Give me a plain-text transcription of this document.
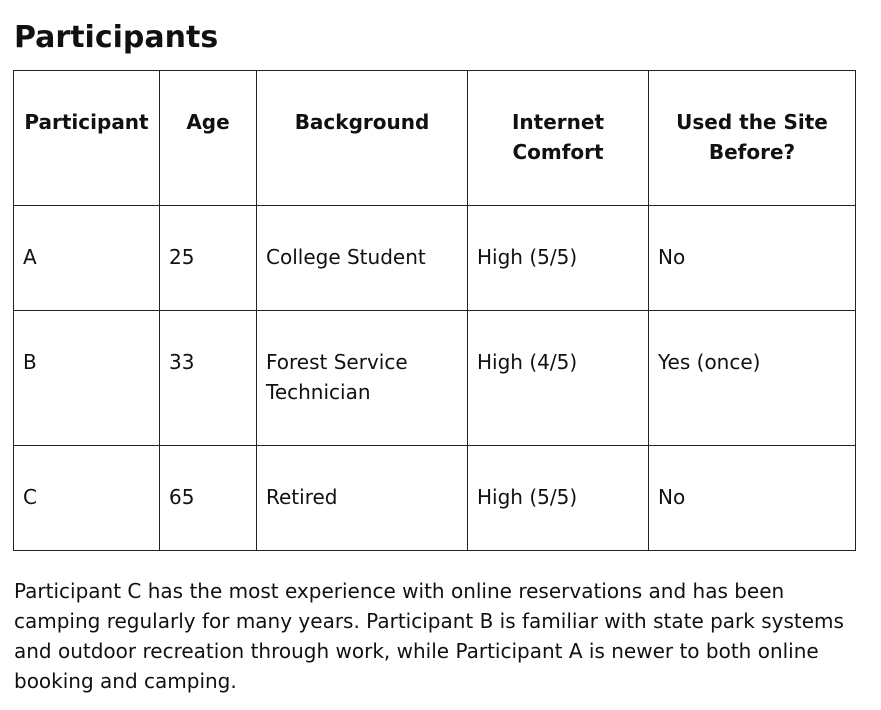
Participants
Participant	Age	Background	Internet Comfort	Used the Site Before?
A	25	College Student	High (5/5)	No
B	33	Forest Service Technician	High (4/5)	Yes (once)
C	65	Retired	High (5/5)	No

Participant C has the most experience with online reservations and has been camping regularly for many years. Participant B is familiar with state park systems and outdoor recreation through work, while Participant A is newer to both online booking and camping.
